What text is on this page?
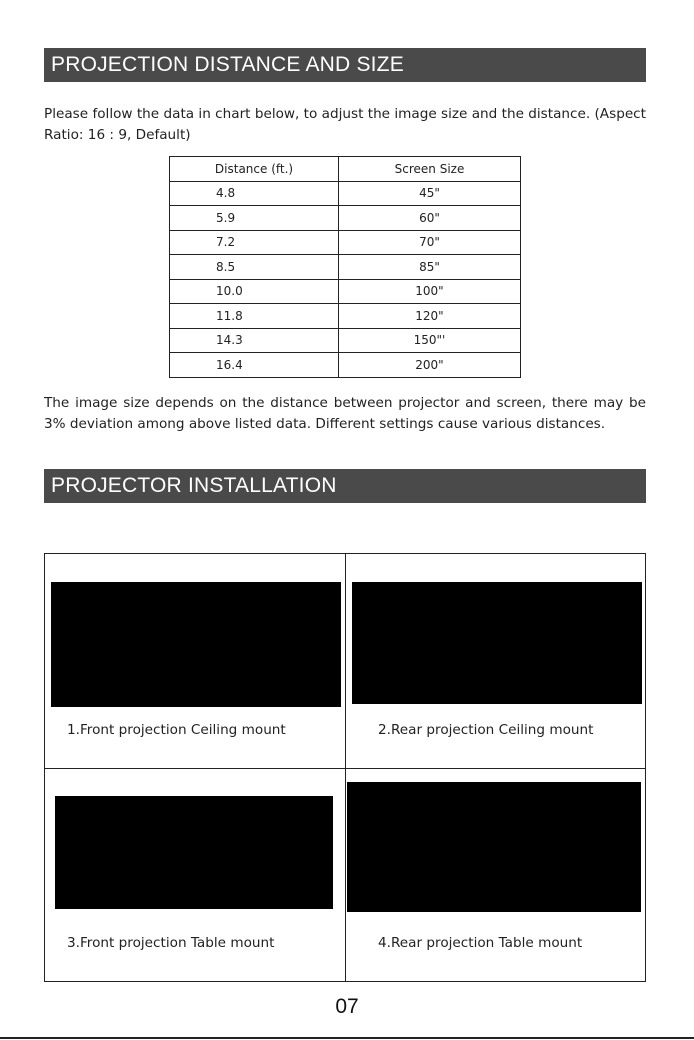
PROJECTION DISTANCE AND SIZE
Please follow the data in chart below, to adjust the image size and the distance. (Aspect Ratio: 16 : 9, Default)
Distance (ft.)	Screen Size
4.8	45"
5.9	60"
7.2	70"
8.5	85"
10.0	100"
11.8	120"
14.3	150"'
16.4	200"
The image size depends on the distance between projector and screen, there may be 3% deviation among above listed data. Different settings cause various distances.
PROJECTOR INSTALLATION
1.Front projection Ceiling mount	2.Rear projection Ceiling mount
3.Front projection Table mount	4.Rear projection Table mount
07
